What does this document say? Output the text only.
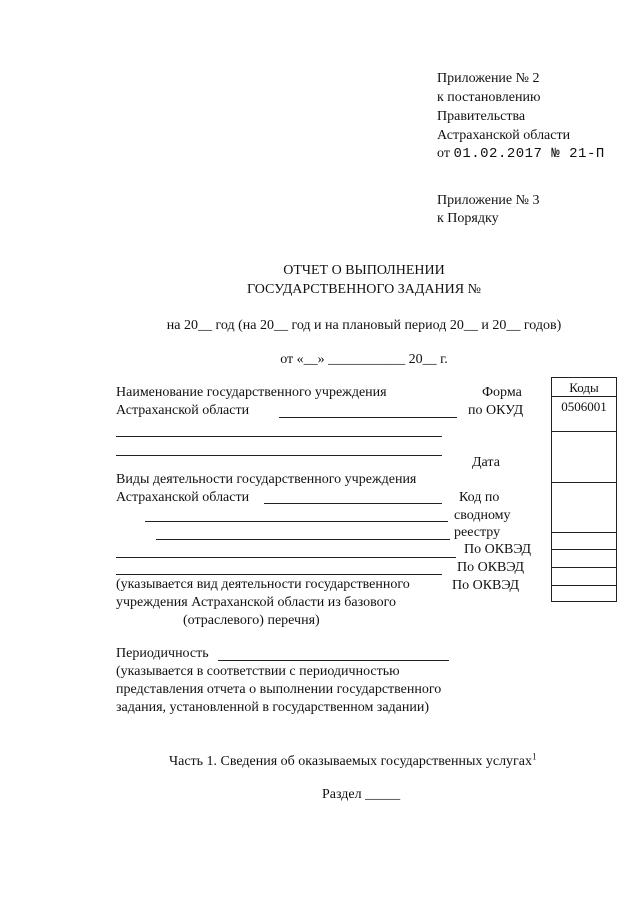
Приложение № 2
к постановлению
Правительства
Астраханской области
от 01.02.2017 № 21-П
Приложение № 3
к Порядку
ОТЧЕТ О ВЫПОЛНЕНИИ
ГОСУДАРСТВЕННОГО ЗАДАНИЯ №
на 20__ год (на 20__ год и на плановый период 20__ и 20__ годов)
от «__» ___________ 20__ г.
Наименование государственного учреждения
Астраханской области
Форма
по ОКУД
Дата
Виды деятельности государственного учреждения
Астраханской области	Код по
сводному
реестру
По ОКВЭД
По ОКВЭД
По ОКВЭД
(указывается вид деятельности государственного
учреждения Астраханской области из базового
(отраслевого) перечня)
Коды
0506001
Периодичность
(указывается в соответствии с периодичностью
представления отчета о выполнении государственного
задания, установленной в государственном задании)
Часть 1. Сведения об оказываемых государственных услугах$^1$
Раздел _____
